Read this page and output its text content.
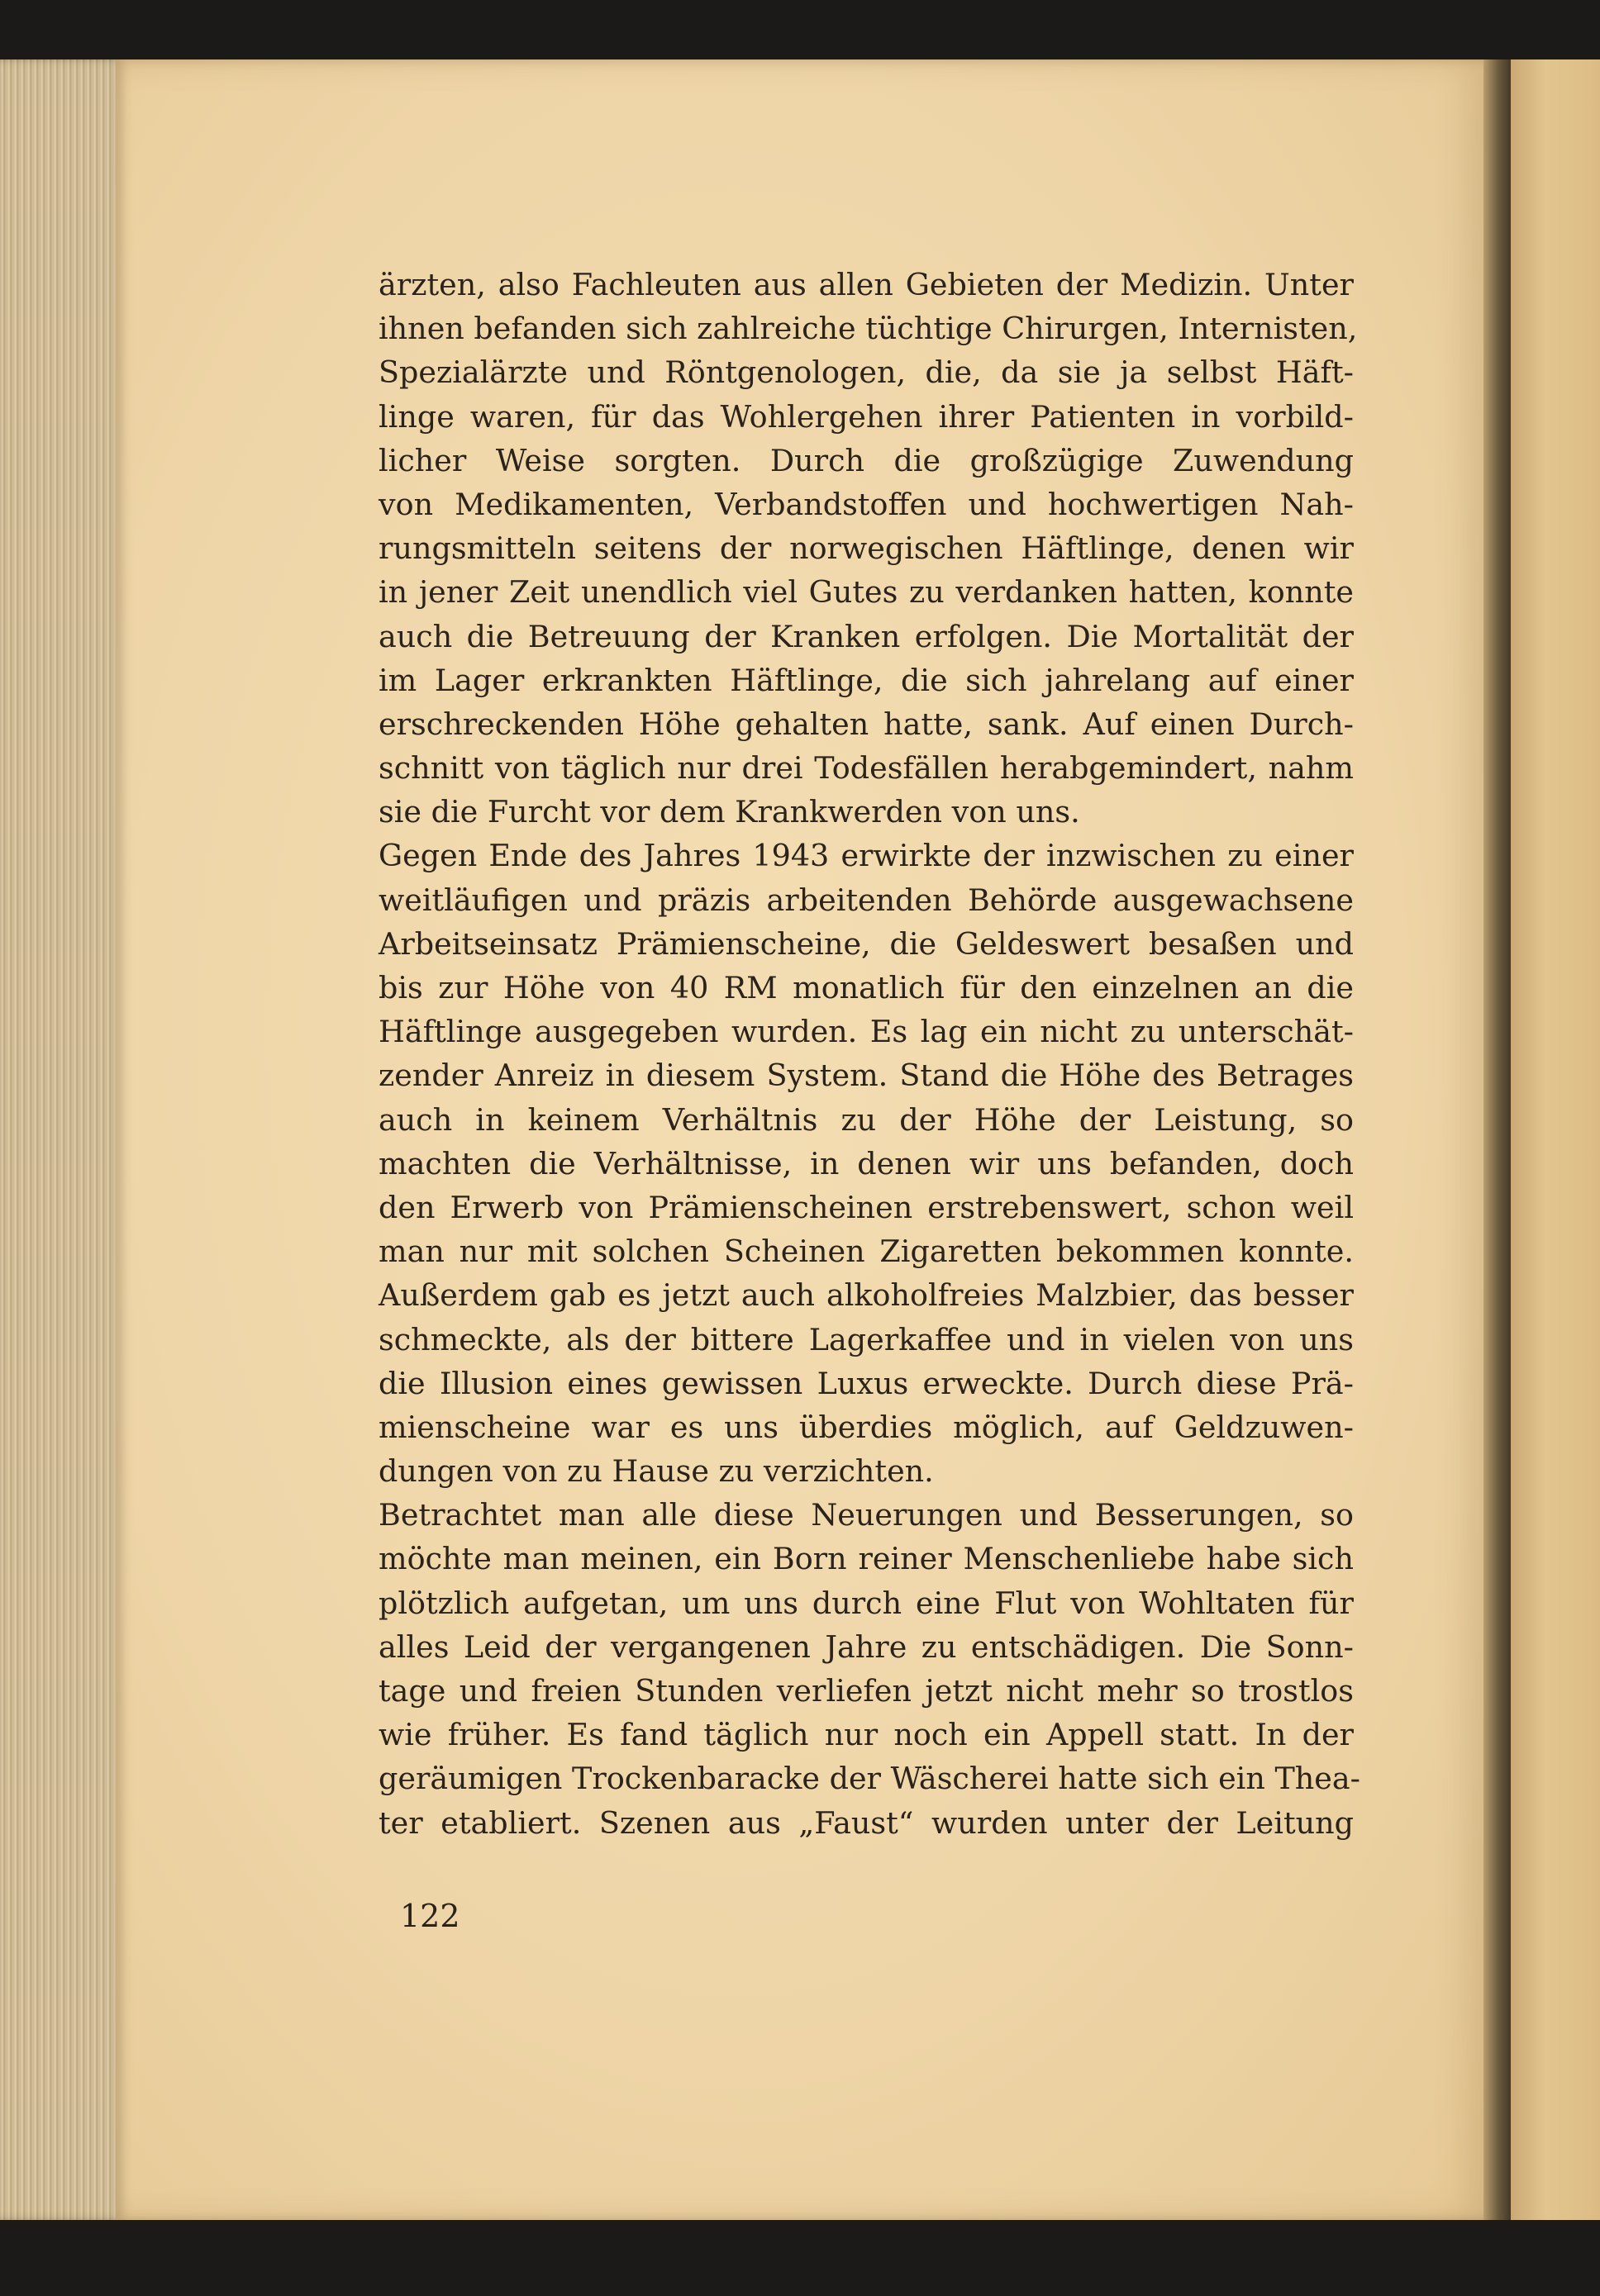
ärzten, also Fachleuten aus allen Gebieten der Medizin. Unter
ihnen befanden sich zahlreiche tüchtige Chirurgen, Internisten,
Spezialärzte und Röntgenologen, die, da sie ja selbst Häft-
linge waren, für das Wohlergehen ihrer Patienten in vorbild-
licher Weise sorgten. Durch die großzügige Zuwendung
von Medikamenten, Verbandstoffen und hochwertigen Nah-
rungsmitteln seitens der norwegischen Häftlinge, denen wir
in jener Zeit unendlich viel Gutes zu verdanken hatten, konnte
auch die Betreuung der Kranken erfolgen. Die Mortalität der
im Lager erkrankten Häftlinge, die sich jahrelang auf einer
erschreckenden Höhe gehalten hatte, sank. Auf einen Durch-
schnitt von täglich nur drei Todesfällen herabgemindert, nahm
sie die Furcht vor dem Krankwerden von uns.
Gegen Ende des Jahres 1943 erwirkte der inzwischen zu einer
weitläufigen und präzis arbeitenden Behörde ausgewachsene
Arbeitseinsatz Prämienscheine, die Geldeswert besaßen und
bis zur Höhe von 40 RM monatlich für den einzelnen an die
Häftlinge ausgegeben wurden. Es lag ein nicht zu unterschät-
zender Anreiz in diesem System. Stand die Höhe des Betrages
auch in keinem Verhältnis zu der Höhe der Leistung, so
machten die Verhältnisse, in denen wir uns befanden, doch
den Erwerb von Prämienscheinen erstrebenswert, schon weil
man nur mit solchen Scheinen Zigaretten bekommen konnte.
Außerdem gab es jetzt auch alkoholfreies Malzbier, das besser
schmeckte, als der bittere Lagerkaffee und in vielen von uns
die Illusion eines gewissen Luxus erweckte. Durch diese Prä-
mienscheine war es uns überdies möglich, auf Geldzuwen-
dungen von zu Hause zu verzichten.
Betrachtet man alle diese Neuerungen und Besserungen, so
möchte man meinen, ein Born reiner Menschenliebe habe sich
plötzlich aufgetan, um uns durch eine Flut von Wohltaten für
alles Leid der vergangenen Jahre zu entschädigen. Die Sonn-
tage und freien Stunden verliefen jetzt nicht mehr so trostlos
wie früher. Es fand täglich nur noch ein Appell statt. In der
geräumigen Trockenbaracke der Wäscherei hatte sich ein Thea-
ter etabliert. Szenen aus „Faust“ wurden unter der Leitung
122
